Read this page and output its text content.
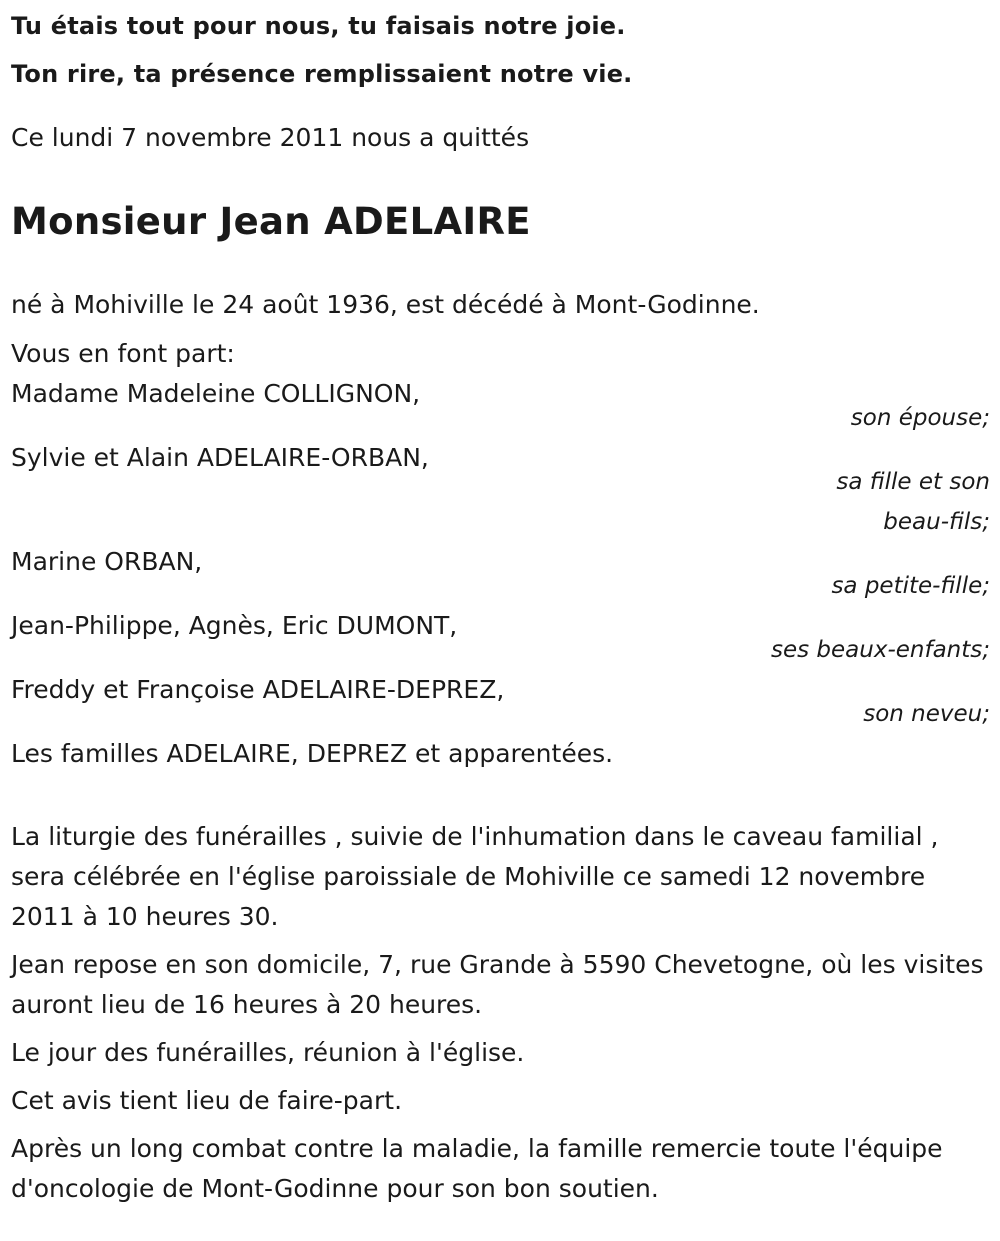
Tu étais tout pour nous, tu faisais notre joie.
Ton rire, ta présence remplissaient notre vie.
Ce lundi 7 novembre 2011 nous a quittés
Monsieur Jean ADELAIRE
né à Mohiville le 24 août 1936, est décédé à Mont-Godinne.
Vous en font part:
Madame Madeleine COLLIGNON,
son épouse;
Sylvie et Alain ADELAIRE-ORBAN,
sa fille et son beau-fils;
Marine ORBAN,
sa petite-fille;
Jean-Philippe, Agnès, Eric DUMONT,
ses beaux-enfants;
Freddy et Françoise ADELAIRE-DEPREZ,
son neveu;
Les familles ADELAIRE, DEPREZ et apparentées.
La liturgie des funérailles , suivie de l'inhumation dans le caveau familial , sera célébrée en l'église paroissiale de Mohiville ce samedi 12 novembre 2011 à 10 heures 30.
Jean repose en son domicile, 7, rue Grande à 5590 Chevetogne, où les visites auront lieu de 16 heures à 20 heures.
Le jour des funérailles, réunion à l'église.
Cet avis tient lieu de faire-part.
Après un long combat contre la maladie, la famille remercie toute l'équipe d'oncologie de Mont-Godinne pour son bon soutien.
